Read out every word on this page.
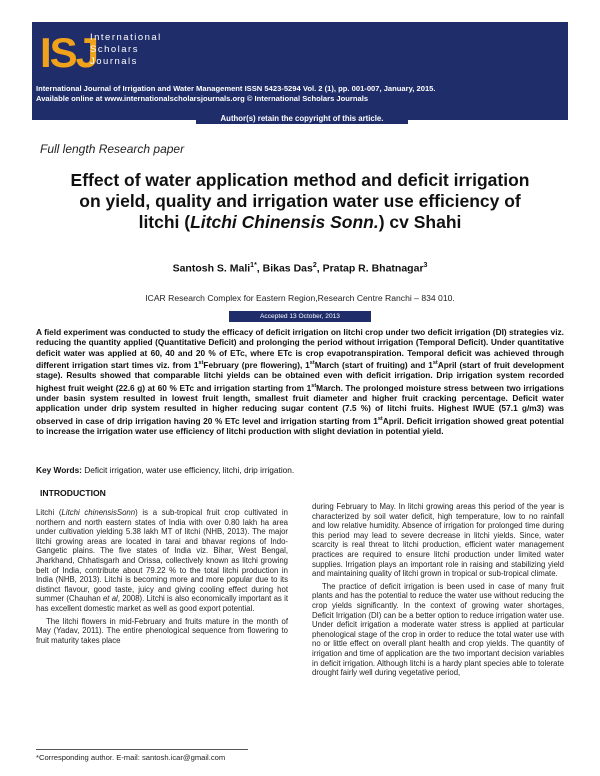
ISJ
International
Scholars
Journals
International Journal of Irrigation and Water Management ISSN 5423-5294 Vol. 2 (1), pp. 001-007, January, 2015.
Available online at www.internationalscholarsjournals.org © International Scholars Journals
Author(s) retain the copyright of this article.
Full length Research paper
Effect of water application method and deficit irrigation on yield, quality and irrigation water use efficiency of litchi (Litchi Chinensis Sonn.) cv Shahi
Santosh S. Mali$^{1*}$, Bikas Das$^2$, Pratap R. Bhatnagar$^3$
ICAR Research Complex for Eastern Region,Research Centre Ranchi – 834 010.
Accepted 13 October, 2013
A field experiment was conducted to study the efficacy of deficit irrigation on litchi crop under two deficit irrigation (DI) strategies viz. reducing the quantity applied (Quantitative Deficit) and prolonging the period without irrigation (Temporal Deficit). Under quantitative deficit water was applied at 60, 40 and 20 % of ETc, where ETc is crop evapotranspiration. Temporal deficit was achieved through different irrigation start times viz. from 1stFebruary (pre flowering), 1stMarch (start of fruiting) and 1stApril (start of fruit development stage). Results showed that comparable litchi yields can be obtained even with deficit irrigation. Drip irrigation system recorded highest fruit weight (22.6 g) at 60 % ETc and irrigation starting from 1stMarch. The prolonged moisture stress between two irrigations under basin system resulted in lowest fruit length, smallest fruit diameter and higher fruit cracking percentage. Deficit water application under drip system resulted in higher reducing sugar content (7.5 %) of litchi fruits. Highest IWUE (57.1 g/m3) was observed in case of drip irrigation having 20 % ETc level and irrigation starting from 1stApril. Deficit irrigation showed great potential to increase the irrigation water use efficiency of litchi production with slight deviation in potential yield.
Key Words: Deficit irrigation, water use efficiency, litchi, drip irrigation.
INTRODUCTION

Litchi (Litchi chinensisSonn) is a sub-tropical fruit crop cultivated in northern and north eastern states of India with over 0.80 lakh ha area under cultivation yielding 5.38 lakh MT of litchi (NHB, 2013). The major litchi growing areas are located in tarai and bhavar regions of Indo-Gangetic plains. The five states of India viz. Bihar, West Bengal, Jharkhand, Chhatisgarh and Orissa, collectively known as litchi growing belt of India, contribute about 79.22 % to the total litchi production in India (NHB, 2013). Litchi is becoming more and more popular due to its distinct flavour, good taste, juicy and giving cooling effect during hot summer (Chauhan et al, 2008). Litchi is also economically important as it has excellent domestic market as well as good export potential.

The litchi flowers in mid-February and fruits mature in the month of May (Yadav, 2011). The entire phenological sequence from flowering to fruit maturity takes place

during February to May. In litchi growing areas this period of the year is characterized by soil water deficit, high temperature, low to no rainfall and low relative humidity. Absence of irrigation for prolonged time during this period may lead to severe decrease in litchi yields. Since, water scarcity is real threat to litchi production, efficient water management practices are required to ensure litchi production under limited water supplies. Irrigation plays an important role in raising and stabilizing yield and maintaining quality of litchi grown in tropical or sub-tropical climate.

The practice of deficit irrigation is been used in case of many fruit plants and has the potential to reduce the water use without reducing the crop yields significantly. In the context of growing water shortages, Deficit Irrigation (DI) can be a better option to reduce irrigation water use. Under deficit irrigation a moderate water stress is applied at particular phenological stage of the crop in order to reduce the total water use with no or little effect on overall plant health and crop yields. The quantity of irrigation and time of application are the two important decision variables in deficit irrigation. Although litchi is a hardy plant species able to tolerate drought fairly well during vegetative period,

*Corresponding author. E-mail: santosh.icar@gmail.com
